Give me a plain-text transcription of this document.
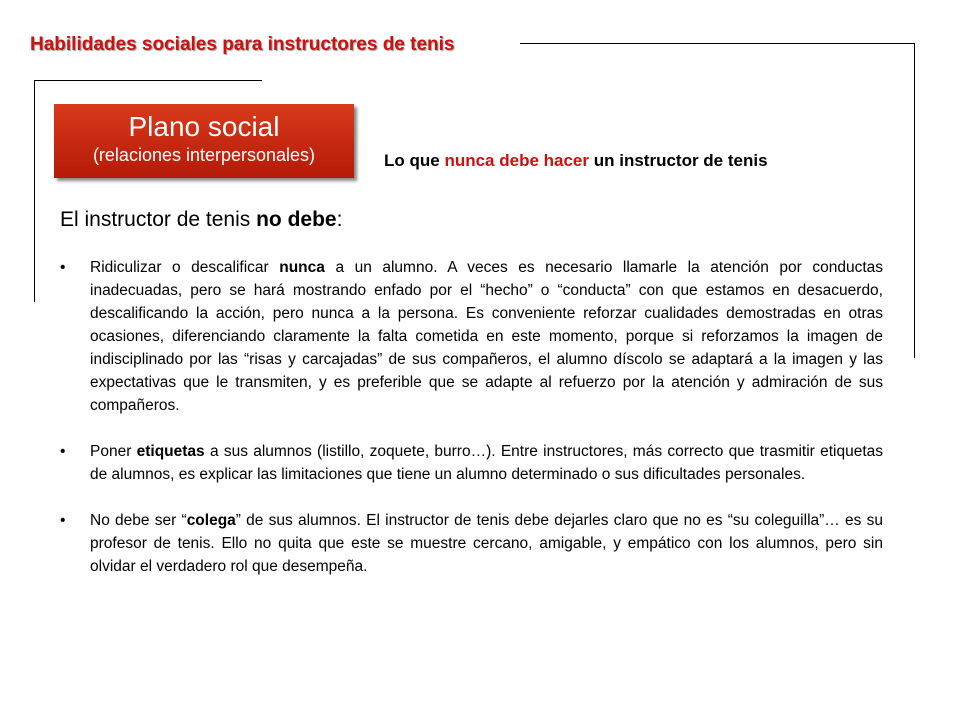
Habilidades sociales para instructores de tenis
Plano social
(relaciones interpersonales)	Lo que nunca debe hacer un instructor de tenis
El instructor de tenis no debe:
• Ridiculizar o descalificar nunca a un alumno. A veces es necesario llamarle la atención por conductas inadecuadas, pero se hará mostrando enfado por el “hecho” o “conducta” con que estamos en desacuerdo, descalificando la acción, pero nunca a la persona. Es conveniente reforzar cualidades demostradas en otras ocasiones, diferenciando claramente la falta cometida en este momento, porque si reforzamos la imagen de indisciplinado por las “risas y carcajadas” de sus compañeros, el alumno díscolo se adaptará a la imagen y las expectativas que le transmiten, y es preferible que se adapte al refuerzo por la atención y admiración de sus compañeros.
• Poner etiquetas a sus alumnos (listillo, zoquete, burro…). Entre instructores, más correcto que trasmitir etiquetas de alumnos, es explicar las limitaciones que tiene un alumno determinado o sus dificultades personales.
• No debe ser “colega” de sus alumnos. El instructor de tenis debe dejarles claro que no es “su coleguilla”… es su profesor de tenis. Ello no quita que este se muestre cercano, amigable, y empático con los alumnos, pero sin olvidar el verdadero rol que desempeña.
